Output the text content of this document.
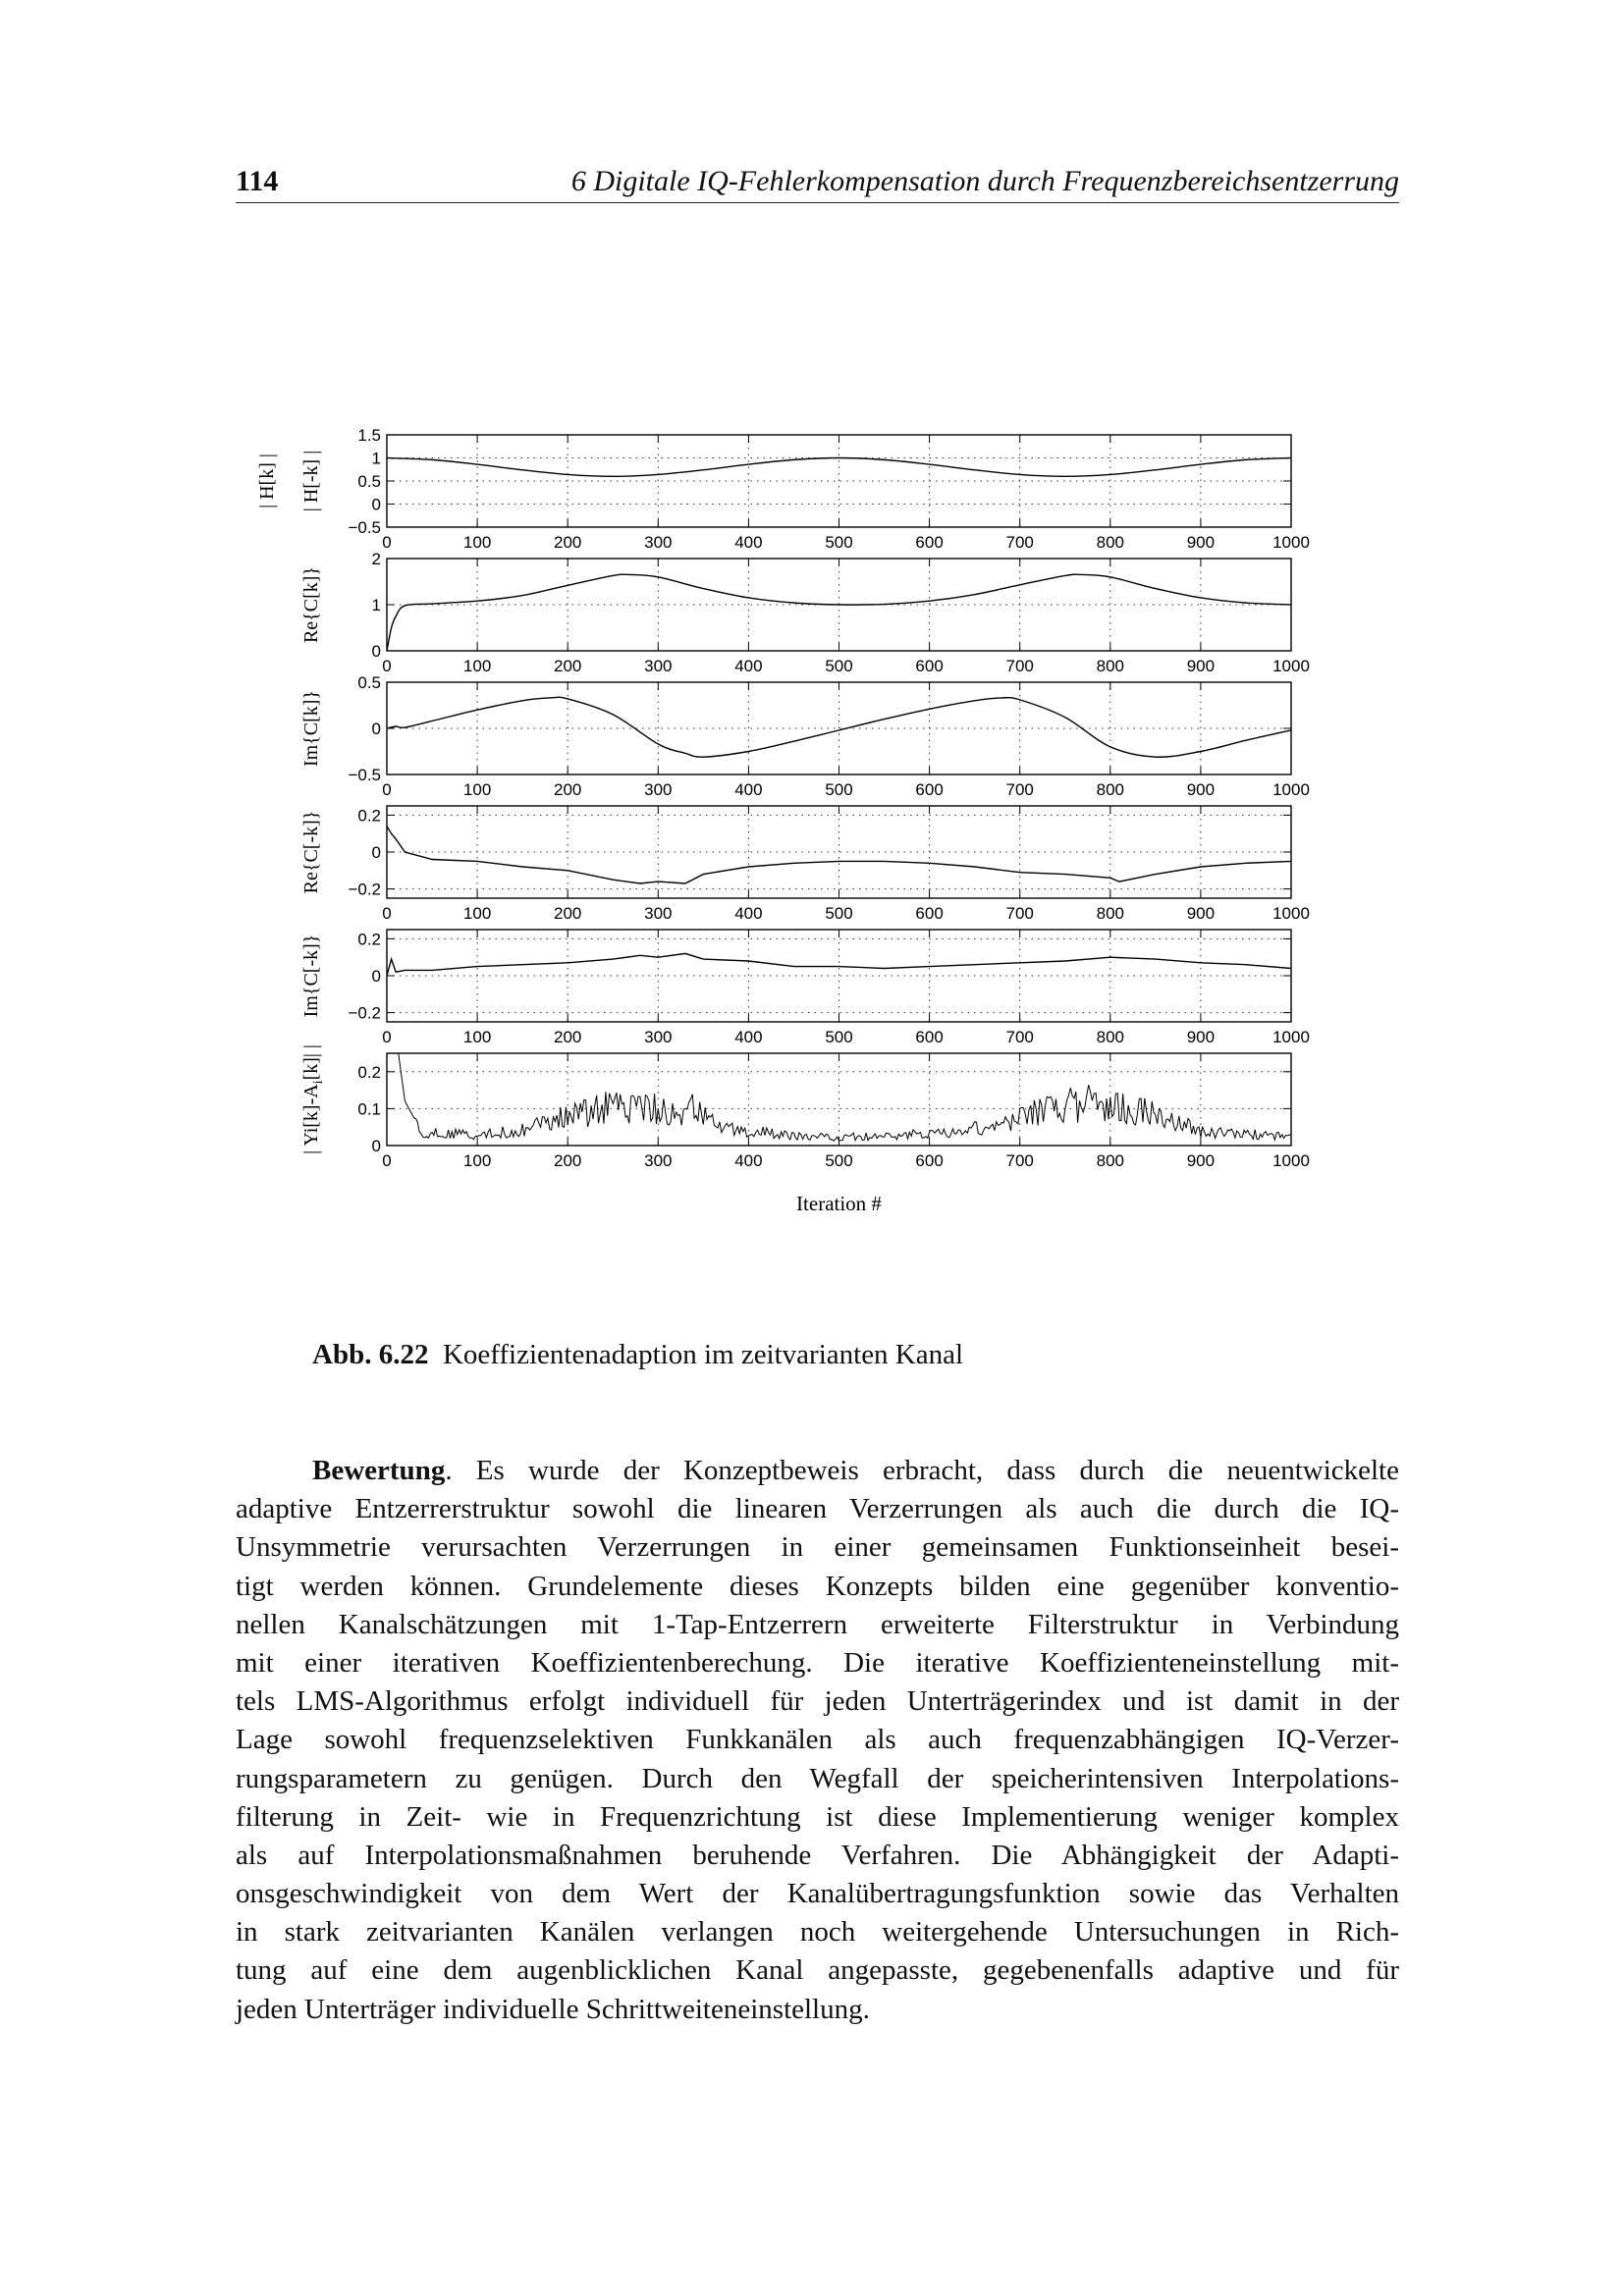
114	6 Digitale IQ-Fehlerkompensation durch Frequenzbereichsentzerrung
0	100	200	300	400	500	600	700	800	900	1000
−0.5
0
0.5
1
1.5
| H[k] | | H[-k] |
0	100	200	300	400	500	600	700	800	900	1000
0
1
2
Re{C[k]}
0	100	200	300	400	500	600	700	800	900	1000
−0.5
0
0.5
Im{C[k]}
0	100	200	300	400	500	600	700	800	900	1000
−0.2
0
0.2
Re{C[-k]}
0	100	200	300	400	500	600	700	800	900	1000
−0.2
0
0.2
Im{C[-k]}
0	100	200	300	400	500	600	700	800	900	1000
0
0.1
0.2
| $Yi[k]-A_i[k]|$ |
Iteration #
Abb. 6.22 Koeffizientenadaption im zeitvarianten Kanal
Bewertung. Es wurde der Konzeptbeweis erbracht, dass durch die neuentwickelte
adaptive Entzerrerstruktur sowohl die linearen Verzerrungen als auch die durch die IQ-
Unsymmetrie verursachten Verzerrungen in einer gemeinsamen Funktionseinheit besei-
tigt werden können. Grundelemente dieses Konzepts bilden eine gegenüber konventio-
nellen Kanalschätzungen mit 1-Tap-Entzerrern erweiterte Filterstruktur in Verbindung
mit einer iterativen Koeffizientenberechung. Die iterative Koeffizienteneinstellung mit-
tels LMS-Algorithmus erfolgt individuell für jeden Unterträgerindex und ist damit in der
Lage sowohl frequenzselektiven Funkkanälen als auch frequenzabhängigen IQ-Verzer-
rungsparametern zu genügen. Durch den Wegfall der speicherintensiven Interpolations-
filterung in Zeit- wie in Frequenzrichtung ist diese Implementierung weniger komplex
als auf Interpolationsmaßnahmen beruhende Verfahren. Die Abhängigkeit der Adapti-
onsgeschwindigkeit von dem Wert der Kanalübertragungsfunktion sowie das Verhalten
in stark zeitvarianten Kanälen verlangen noch weitergehende Untersuchungen in Rich-
tung auf eine dem augenblicklichen Kanal angepasste, gegebenenfalls adaptive und für
jeden Unterträger individuelle Schrittweiteneinstellung.
